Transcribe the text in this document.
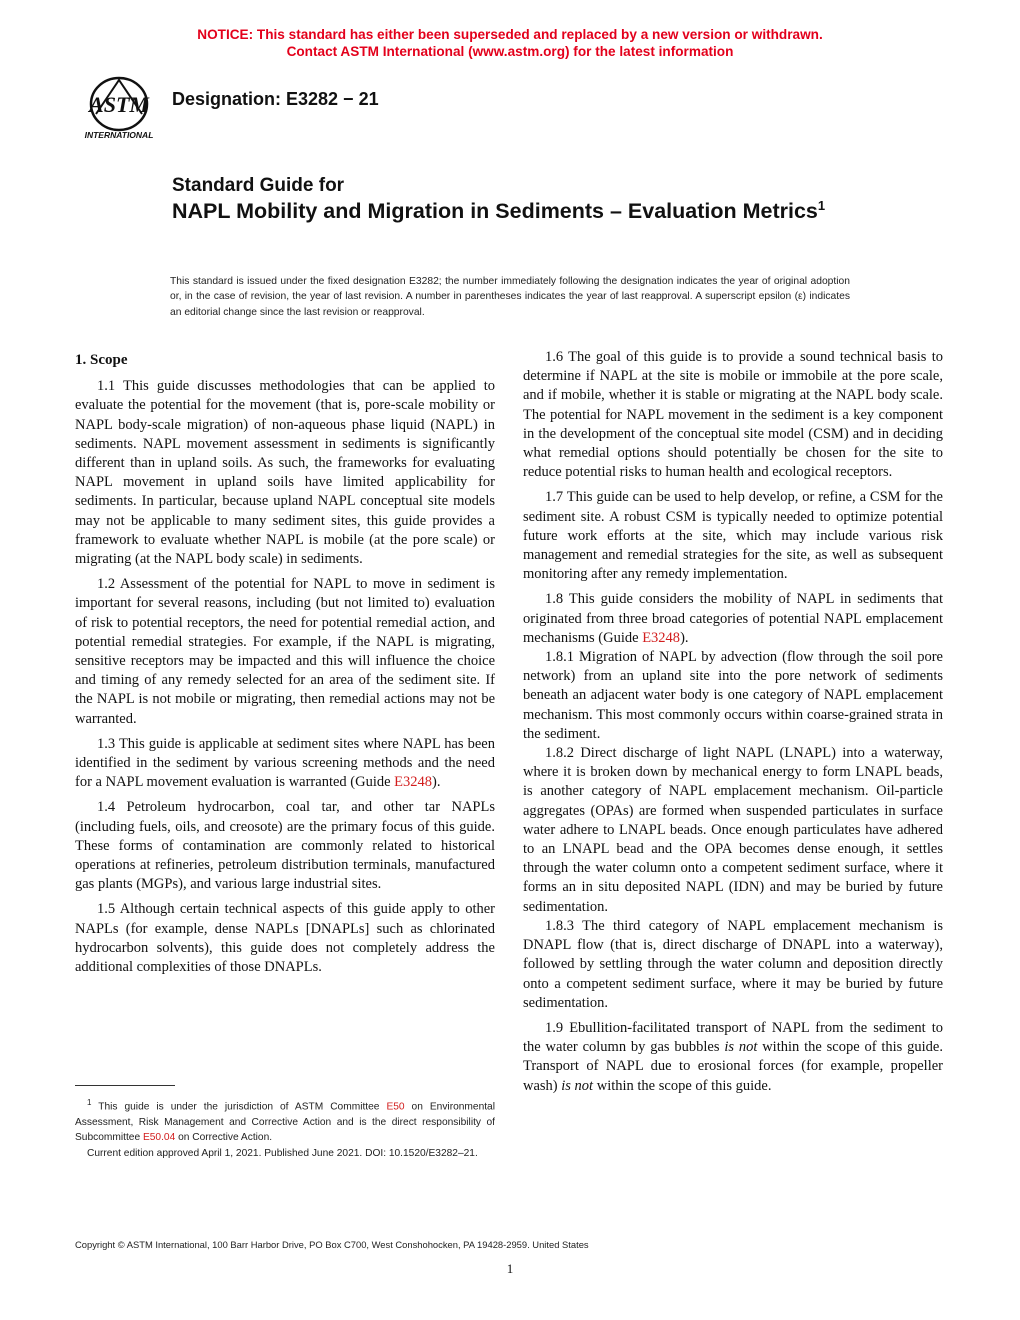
NOTICE: This standard has either been superseded and replaced by a new version or withdrawn.
Contact ASTM International (www.astm.org) for the latest information
ASTM
INTERNATIONAL
Designation: E3282 − 21
Standard Guide for
NAPL Mobility and Migration in Sediments – Evaluation Metrics$^1$
This standard is issued under the fixed designation E3282; the number immediately following the designation indicates the year of original adoption or, in the case of revision, the year of last revision. A number in parentheses indicates the year of last reapproval. A superscript epsilon (ε) indicates an editorial change since the last revision or reapproval.
1. Scope

1.1 This guide discusses methodologies that can be applied to evaluate the potential for the movement (that is, pore-scale mobility or NAPL body-scale migration) of non-aqueous phase liquid (NAPL) in sediments. NAPL movement assessment in sediments is significantly different than in upland soils. As such, the frameworks for evaluating NAPL movement in upland soils have limited applicability for sediments. In particular, because upland NAPL conceptual site models may not be applicable to many sediment sites, this guide provides a framework to evaluate whether NAPL is mobile (at the pore scale) or migrating (at the NAPL body scale) in sediments.

1.2 Assessment of the potential for NAPL to move in sediment is important for several reasons, including (but not limited to) evaluation of risk to potential receptors, the need for potential remedial action, and potential remedial strategies. For example, if the NAPL is migrating, sensitive receptors may be impacted and this will influence the choice and timing of any remedy selected for an area of the sediment site. If the NAPL is not mobile or migrating, then remedial actions may not be warranted.

1.3 This guide is applicable at sediment sites where NAPL has been identified in the sediment by various screening methods and the need for a NAPL movement evaluation is warranted (Guide E3248).

1.4 Petroleum hydrocarbon, coal tar, and other tar NAPLs (including fuels, oils, and creosote) are the primary focus of this guide. These forms of contamination are commonly related to historical operations at refineries, petroleum distribution terminals, manufactured gas plants (MGPs), and various large industrial sites.

1.5 Although certain technical aspects of this guide apply to other NAPLs (for example, dense NAPLs [DNAPLs] such as chlorinated hydrocarbon solvents), this guide does not completely address the additional complexities of those DNAPLs.

1.6 The goal of this guide is to provide a sound technical basis to determine if NAPL at the site is mobile or immobile at the pore scale, and if mobile, whether it is stable or migrating at the NAPL body scale. The potential for NAPL movement in the sediment is a key component in the development of the conceptual site model (CSM) and in deciding what remedial options should potentially be chosen for the site to reduce potential risks to human health and ecological receptors.

1.7 This guide can be used to help develop, or refine, a CSM for the sediment site. A robust CSM is typically needed to optimize potential future work efforts at the site, which may include various risk management and remedial strategies for the site, as well as subsequent monitoring after any remedy implementation.

1.8 This guide considers the mobility of NAPL in sediments that originated from three broad categories of potential NAPL emplacement mechanisms (Guide E3248).

1.8.1 Migration of NAPL by advection (flow through the soil pore network) from an upland site into the pore network of sediments beneath an adjacent water body is one category of NAPL emplacement mechanism. This most commonly occurs within coarse-grained strata in the sediment.

1.8.2 Direct discharge of light NAPL (LNAPL) into a waterway, where it is broken down by mechanical energy to form LNAPL beads, is another category of NAPL emplacement mechanism. Oil-particle aggregates (OPAs) are formed when suspended particulates in surface water adhere to LNAPL beads. Once enough particulates have adhered to an LNAPL bead and the OPA becomes dense enough, it settles through the water column onto a competent sediment surface, where it forms an in situ deposited NAPL (IDN) and may be buried by future sedimentation.

1.8.3 The third category of NAPL emplacement mechanism is DNAPL flow (that is, direct discharge of DNAPL into a waterway), followed by settling through the water column and deposition directly onto a competent sediment surface, where it may be buried by future sedimentation.

1.9 Ebullition-facilitated transport of NAPL from the sediment to the water column by gas bubbles is not within the scope of this guide. Transport of NAPL due to erosional forces (for example, propeller wash) is not within the scope of this guide.

$^1$ This guide is under the jurisdiction of ASTM Committee E50 on Environmental Assessment, Risk Management and Corrective Action and is the direct responsibility of Subcommittee E50.04 on Corrective Action.

Current edition approved April 1, 2021. Published June 2021. DOI: 10.1520/E3282–21.

Copyright © ASTM International, 100 Barr Harbor Drive, PO Box C700, West Conshohocken, PA 19428-2959. United States
1
